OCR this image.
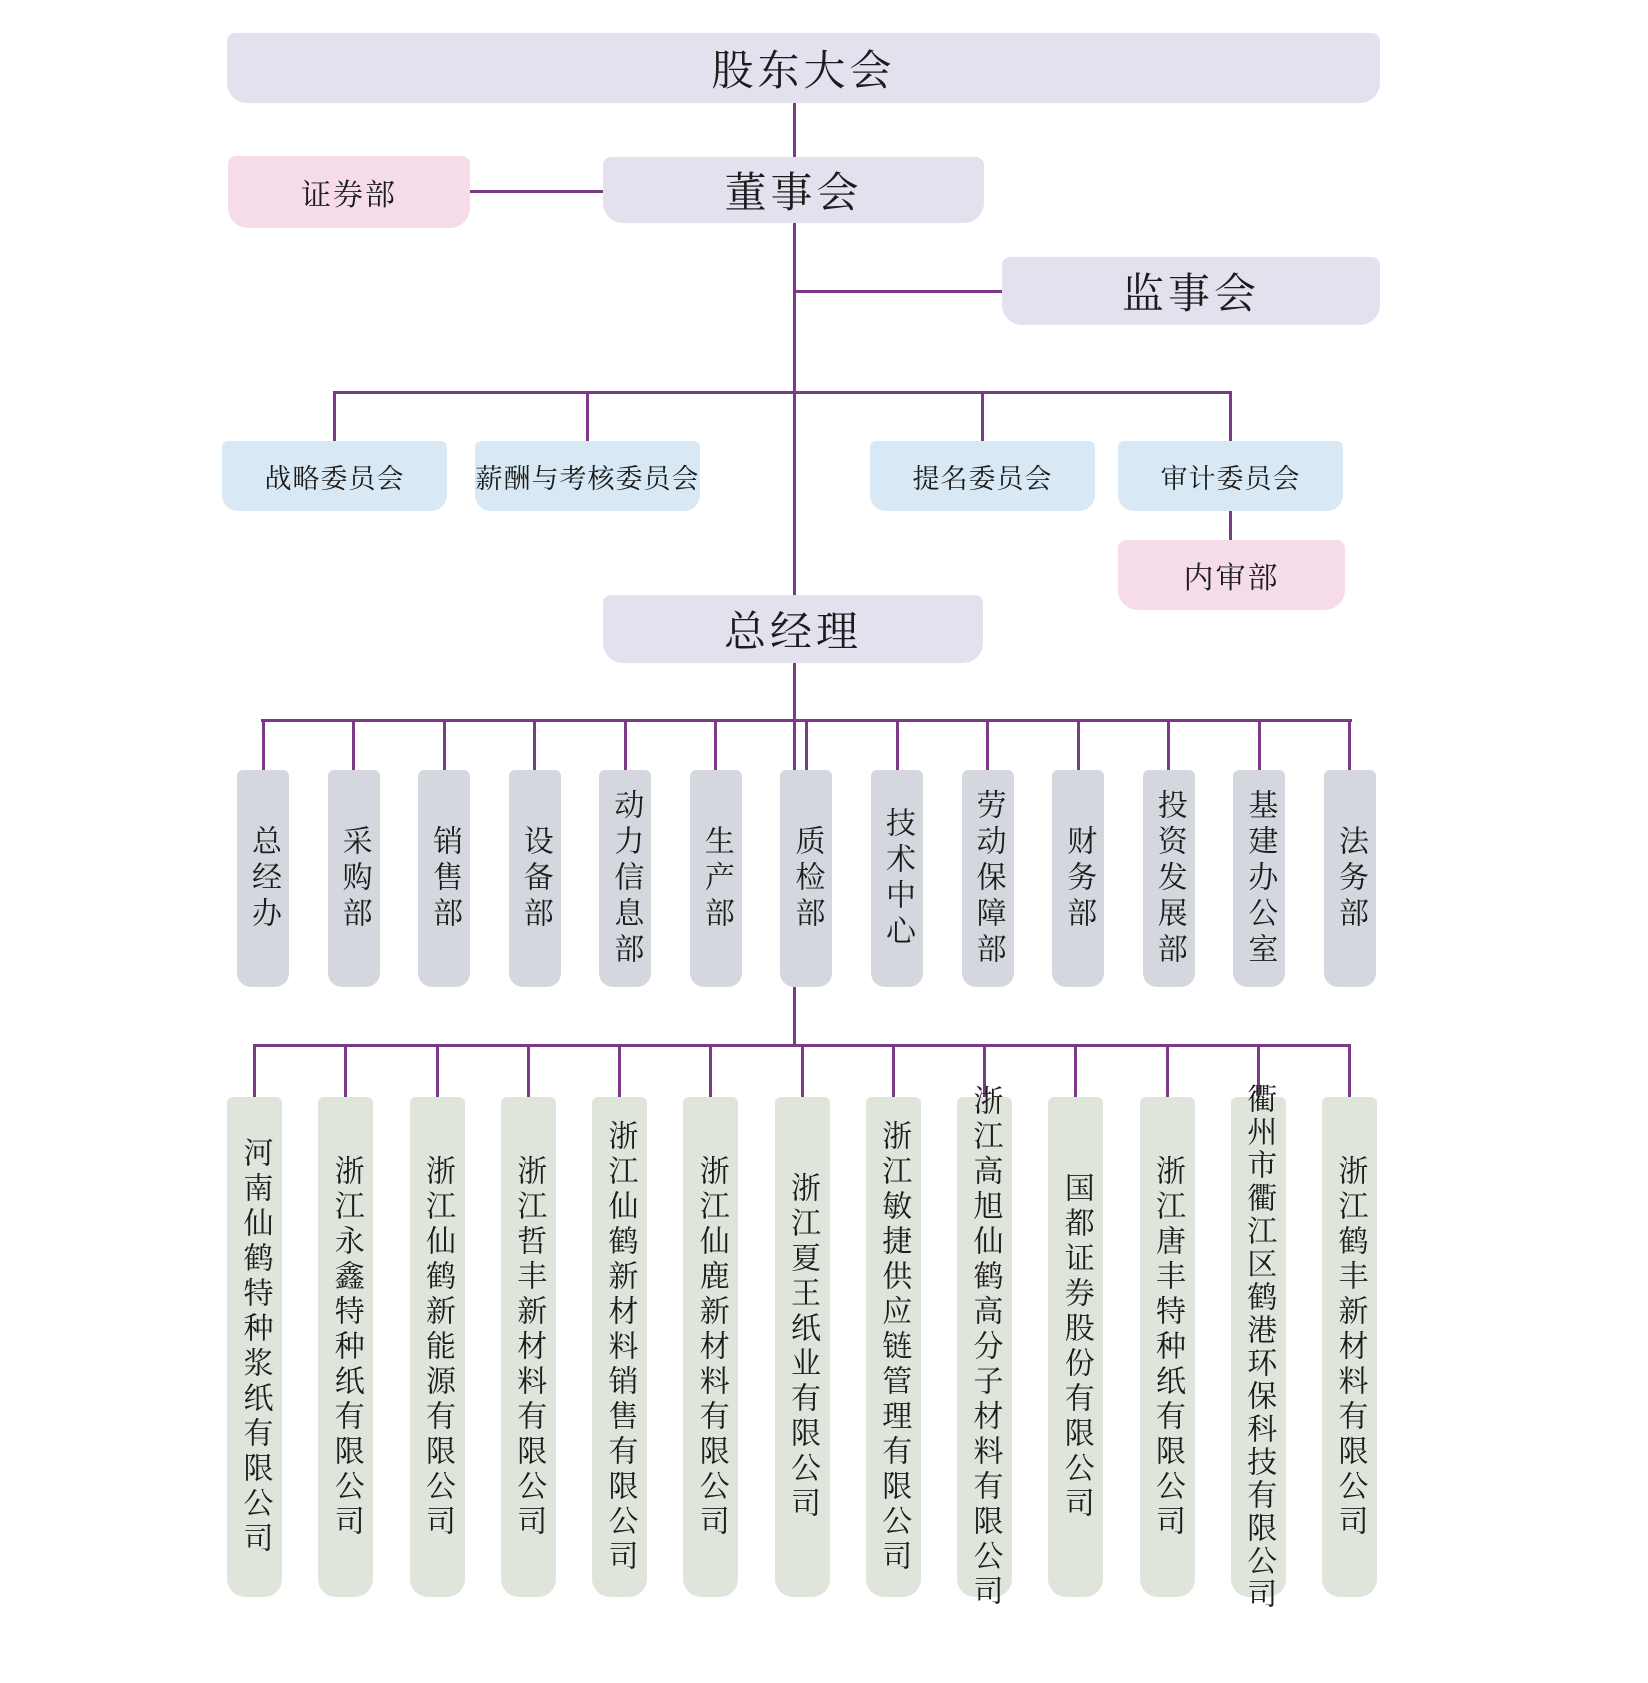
股东大会
证券部	董事会
监事会
战略委员会	薪酬与考核委员会	提名委员会	审计委员会
内审部
总经理
总经办 采购部 销售部 设备部 动力信息部 生产部 质检部 技术中心 劳动保障部 财务部 投资发展部 基建办公室 法务部
河南仙鹤特种浆纸有限公司 浙江永鑫特种纸有限公司 浙江仙鹤新能源有限公司 浙江哲丰新材料有限公司 浙江仙鹤新材料销售有限公司 浙江仙鹿新材料有限公司 浙江夏王纸业有限公司 浙江敏捷供应链管理有限公司 浙江高旭仙鹤高分子材料有限公司 国都证券股份有限公司 浙江唐丰特种纸有限公司 衢州市衢江区鹤港环保科技有限公司 浙江鹤丰新材料有限公司
